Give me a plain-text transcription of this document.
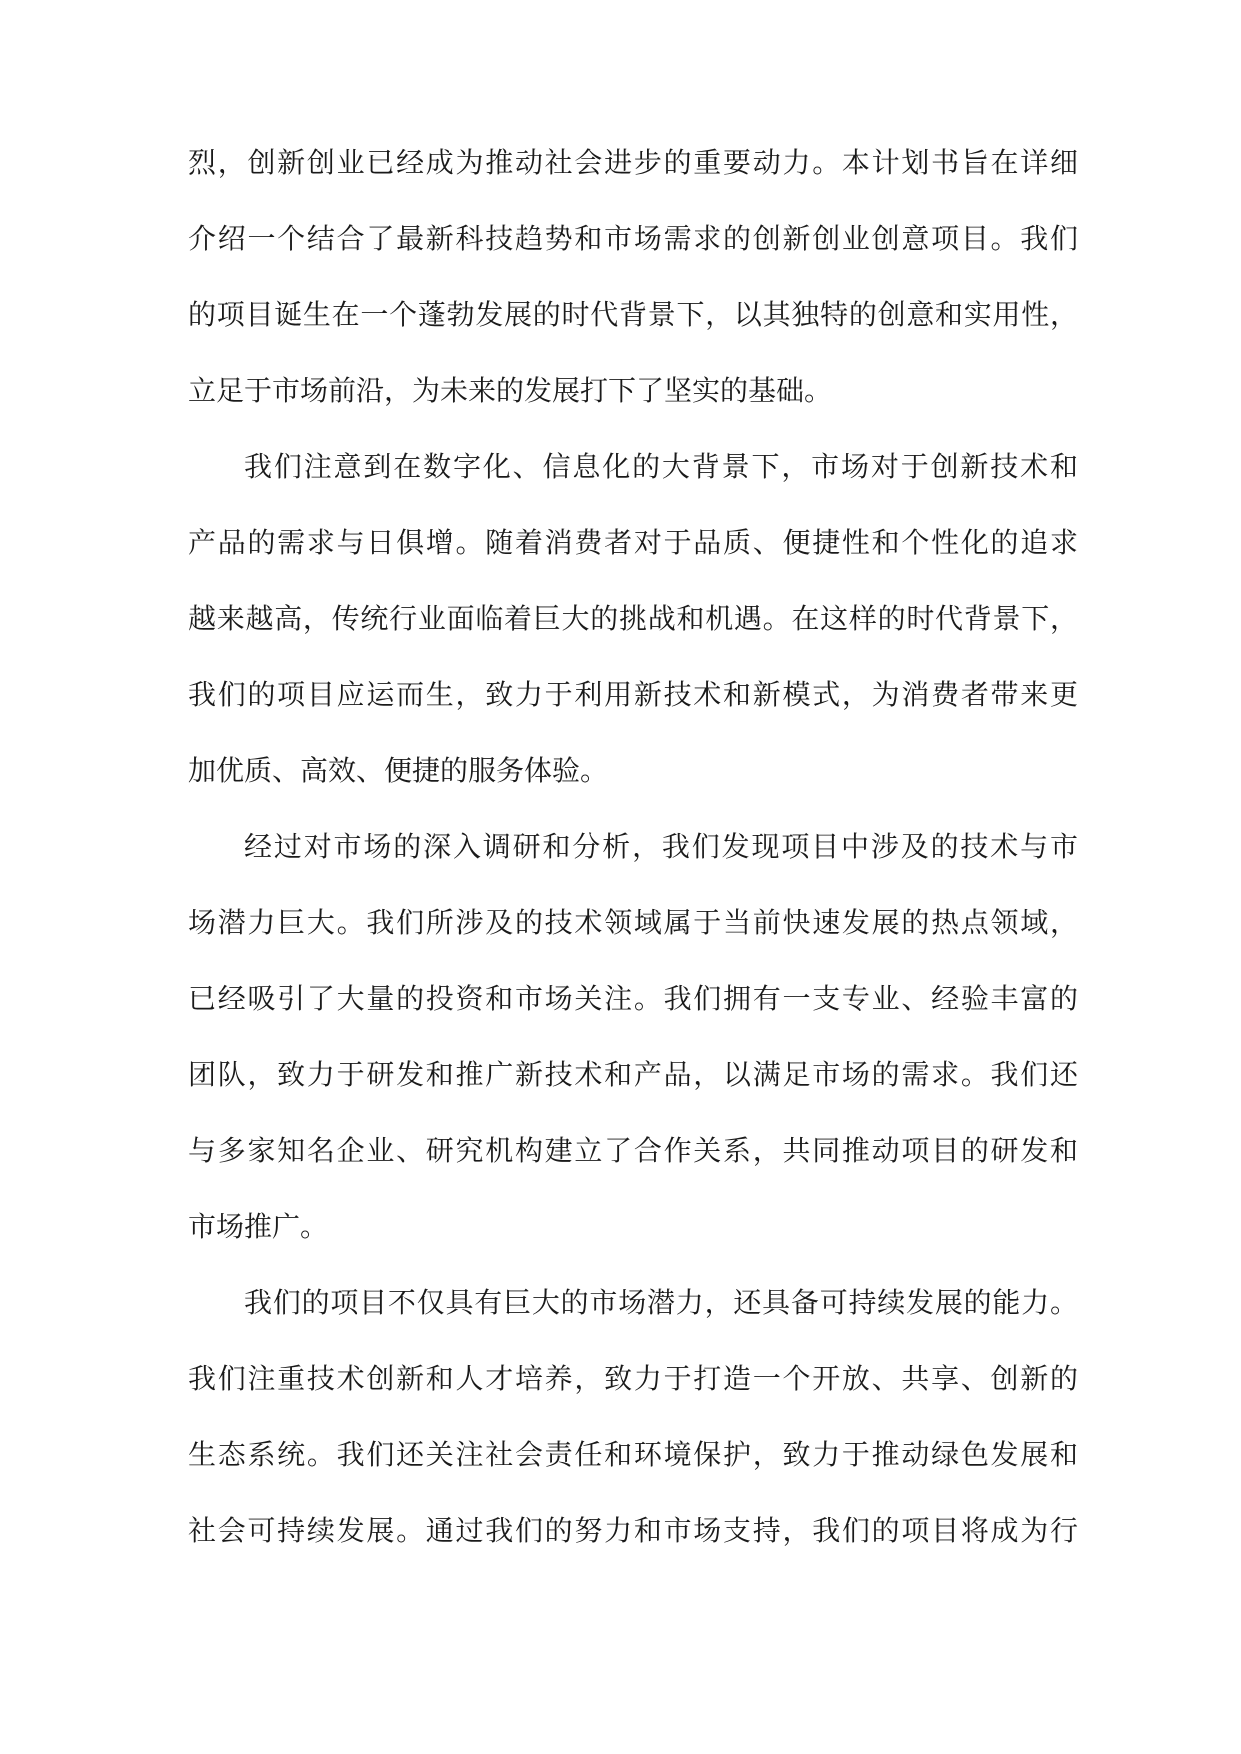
烈，创新创业已经成为推动社会进步的重要动力。本计划书旨在详细
介绍一个结合了最新科技趋势和市场需求的创新创业创意项目。我们
的项目诞生在一个蓬勃发展的时代背景下，以其独特的创意和实用性，
立足于市场前沿，为未来的发展打下了坚实的基础。
我们注意到在数字化、信息化的大背景下，市场对于创新技术和
产品的需求与日俱增。随着消费者对于品质、便捷性和个性化的追求
越来越高，传统行业面临着巨大的挑战和机遇。在这样的时代背景下，
我们的项目应运而生，致力于利用新技术和新模式，为消费者带来更
加优质、高效、便捷的服务体验。
经过对市场的深入调研和分析，我们发现项目中涉及的技术与市
场潜力巨大。我们所涉及的技术领域属于当前快速发展的热点领域，
已经吸引了大量的投资和市场关注。我们拥有一支专业、经验丰富的
团队，致力于研发和推广新技术和产品，以满足市场的需求。我们还
与多家知名企业、研究机构建立了合作关系，共同推动项目的研发和
市场推广。
我们的项目不仅具有巨大的市场潜力，还具备可持续发展的能力。
我们注重技术创新和人才培养，致力于打造一个开放、共享、创新的
生态系统。我们还关注社会责任和环境保护，致力于推动绿色发展和
社会可持续发展。通过我们的努力和市场支持，我们的项目将成为行
